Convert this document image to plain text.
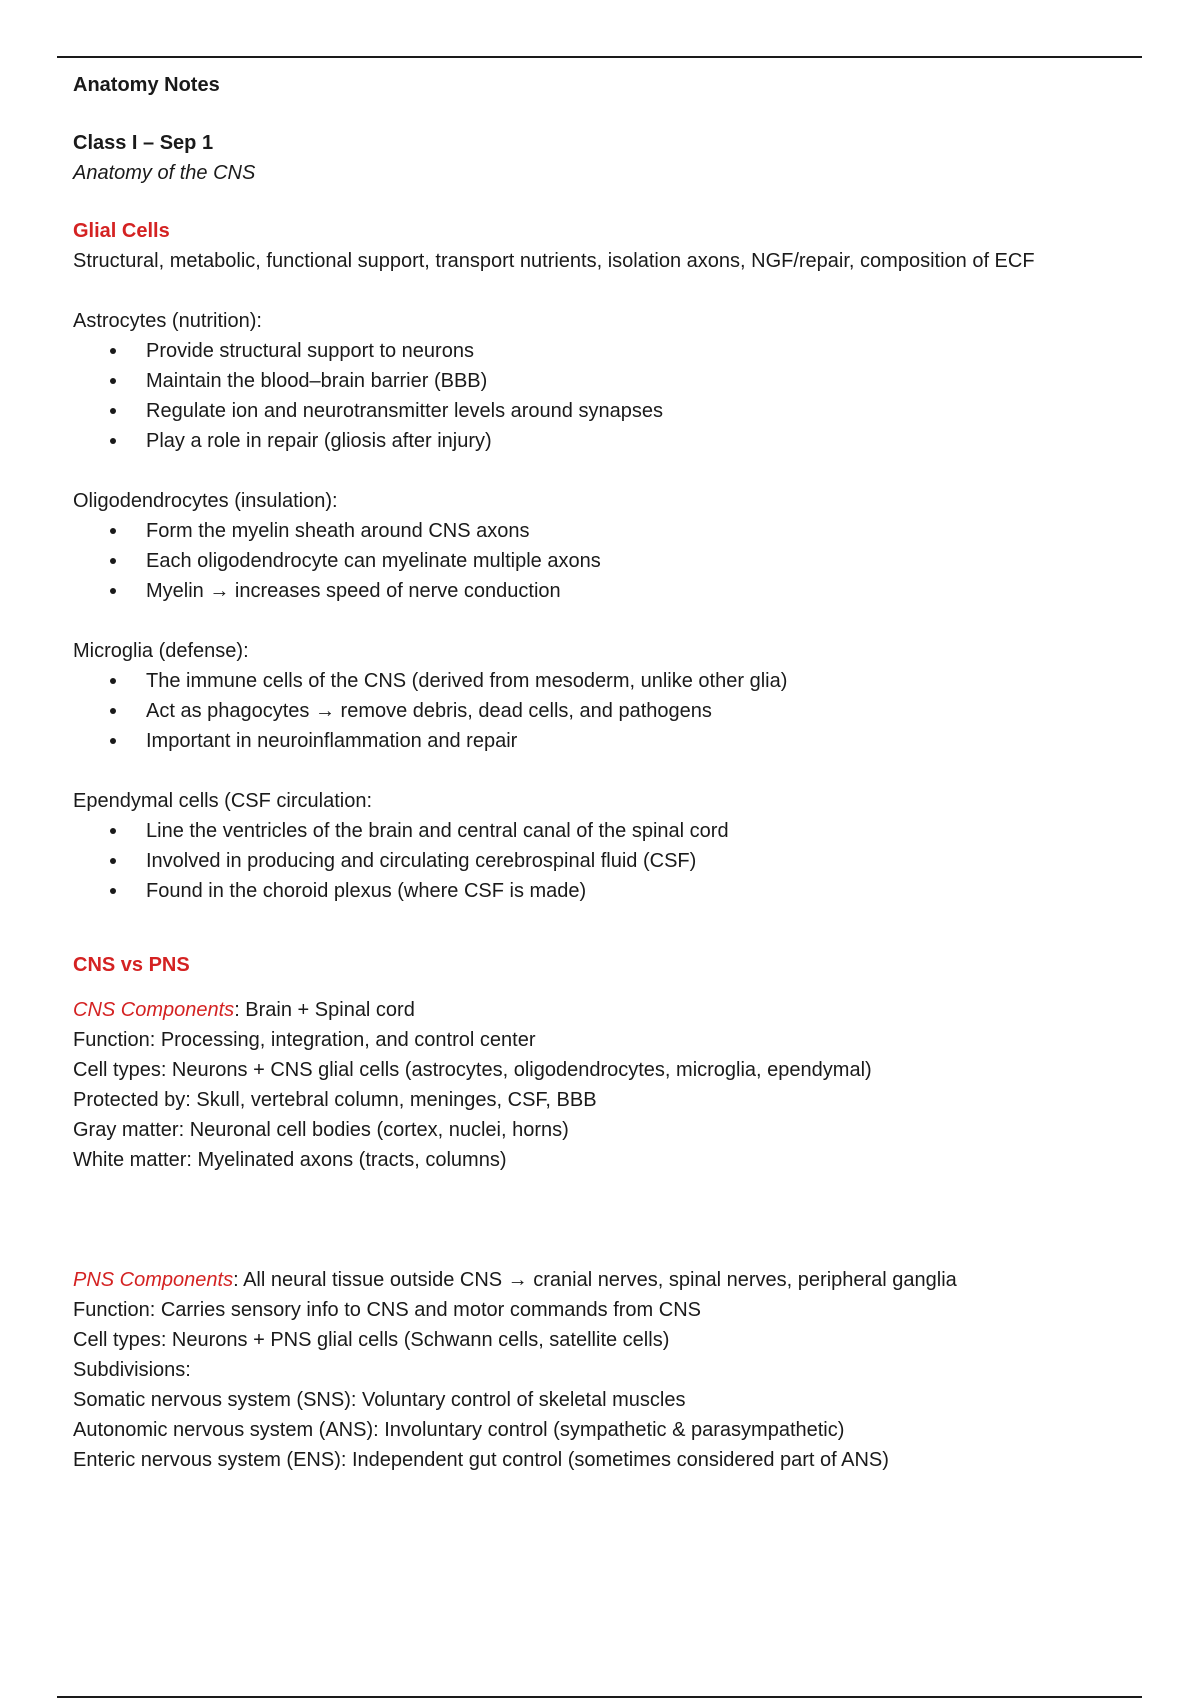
Anatomy Notes
Class I – Sep 1
Anatomy of the CNS
Glial Cells
Structural, metabolic, functional support, transport nutrients, isolation axons, NGF/repair, composition of ECF
Astrocytes (nutrition):
Provide structural support to neurons
Maintain the blood–brain barrier (BBB)
Regulate ion and neurotransmitter levels around synapses
Play a role in repair (gliosis after injury)
Oligodendrocytes (insulation):
Form the myelin sheath around CNS axons
Each oligodendrocyte can myelinate multiple axons
Myelin → increases speed of nerve conduction
Microglia (defense):
The immune cells of the CNS (derived from mesoderm, unlike other glia)
Act as phagocytes → remove debris, dead cells, and pathogens
Important in neuroinflammation and repair
Ependymal cells (CSF circulation:
Line the ventricles of the brain and central canal of the spinal cord
Involved in producing and circulating cerebrospinal fluid (CSF)
Found in the choroid plexus (where CSF is made)
CNS vs PNS
CNS Components: Brain + Spinal cord
Function: Processing, integration, and control center
Cell types: Neurons + CNS glial cells (astrocytes, oligodendrocytes, microglia, ependymal)
Protected by: Skull, vertebral column, meninges, CSF, BBB
Gray matter: Neuronal cell bodies (cortex, nuclei, horns)
White matter: Myelinated axons (tracts, columns)
PNS Components: All neural tissue outside CNS → cranial nerves, spinal nerves, peripheral ganglia
Function: Carries sensory info to CNS and motor commands from CNS
Cell types: Neurons + PNS glial cells (Schwann cells, satellite cells)
Subdivisions:
Somatic nervous system (SNS): Voluntary control of skeletal muscles
Autonomic nervous system (ANS): Involuntary control (sympathetic & parasympathetic)
Enteric nervous system (ENS): Independent gut control (sometimes considered part of ANS)
